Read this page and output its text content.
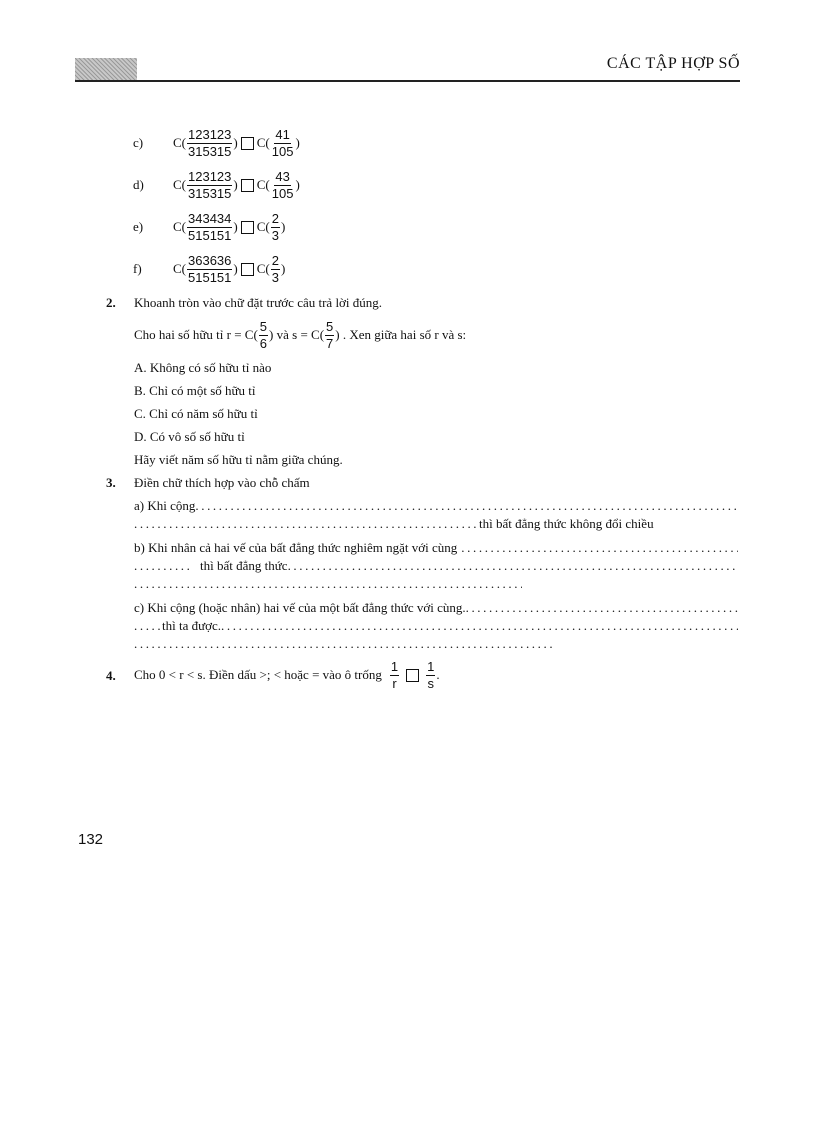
CÁC TẬP HỢP SỐ
c)	$C( \frac{123123}{315315}$ ) $C( \frac{41}{105}$ )
d)	$C( \frac{123123}{315315}$ ) $C( \frac{43}{105}$ )
e)	$C( \frac{343434}{515151}$ ) $C( \frac{2}{3}$ )
f)	$C( \frac{363636}{515151}$ ) $C( \frac{2}{3}$ )
2. Khoanh tròn vào chữ đặt trước câu trả lời đúng.
Cho hai số hữu tỉ $r = C( \frac{5}{6}$ ) và $s = C( \frac{5}{7}$ ) . Xen giữa hai số r và s:
A. Không có số hữu tỉ nào
B. Chỉ có một số hữu tỉ
C. Chỉ có năm số hữu tỉ
D. Có vô số số hữu tỉ
Hãy viết năm số hữu tỉ nằm giữa chúng.
3. Điền chữ thích hợp vào chỗ chấm
a) Khi cộng
.....
.....
thì bất đẳng thức không đổi chiều
b) Khi nhân cả hai vế của bất đẳng thức nghiêm ngặt với cùng
.....
.....
thì bất đẳng thức
.....
.....
c) Khi cộng (hoặc nhân) hai vế của một bất đẳng thức với cùng.
.....
.....
thì ta được.
.....
.....
4. Cho 0 < r < s. Điền dấu >; < hoặc = vào ô trống $\frac{1}{r} \frac{1}{s}$ .
132
